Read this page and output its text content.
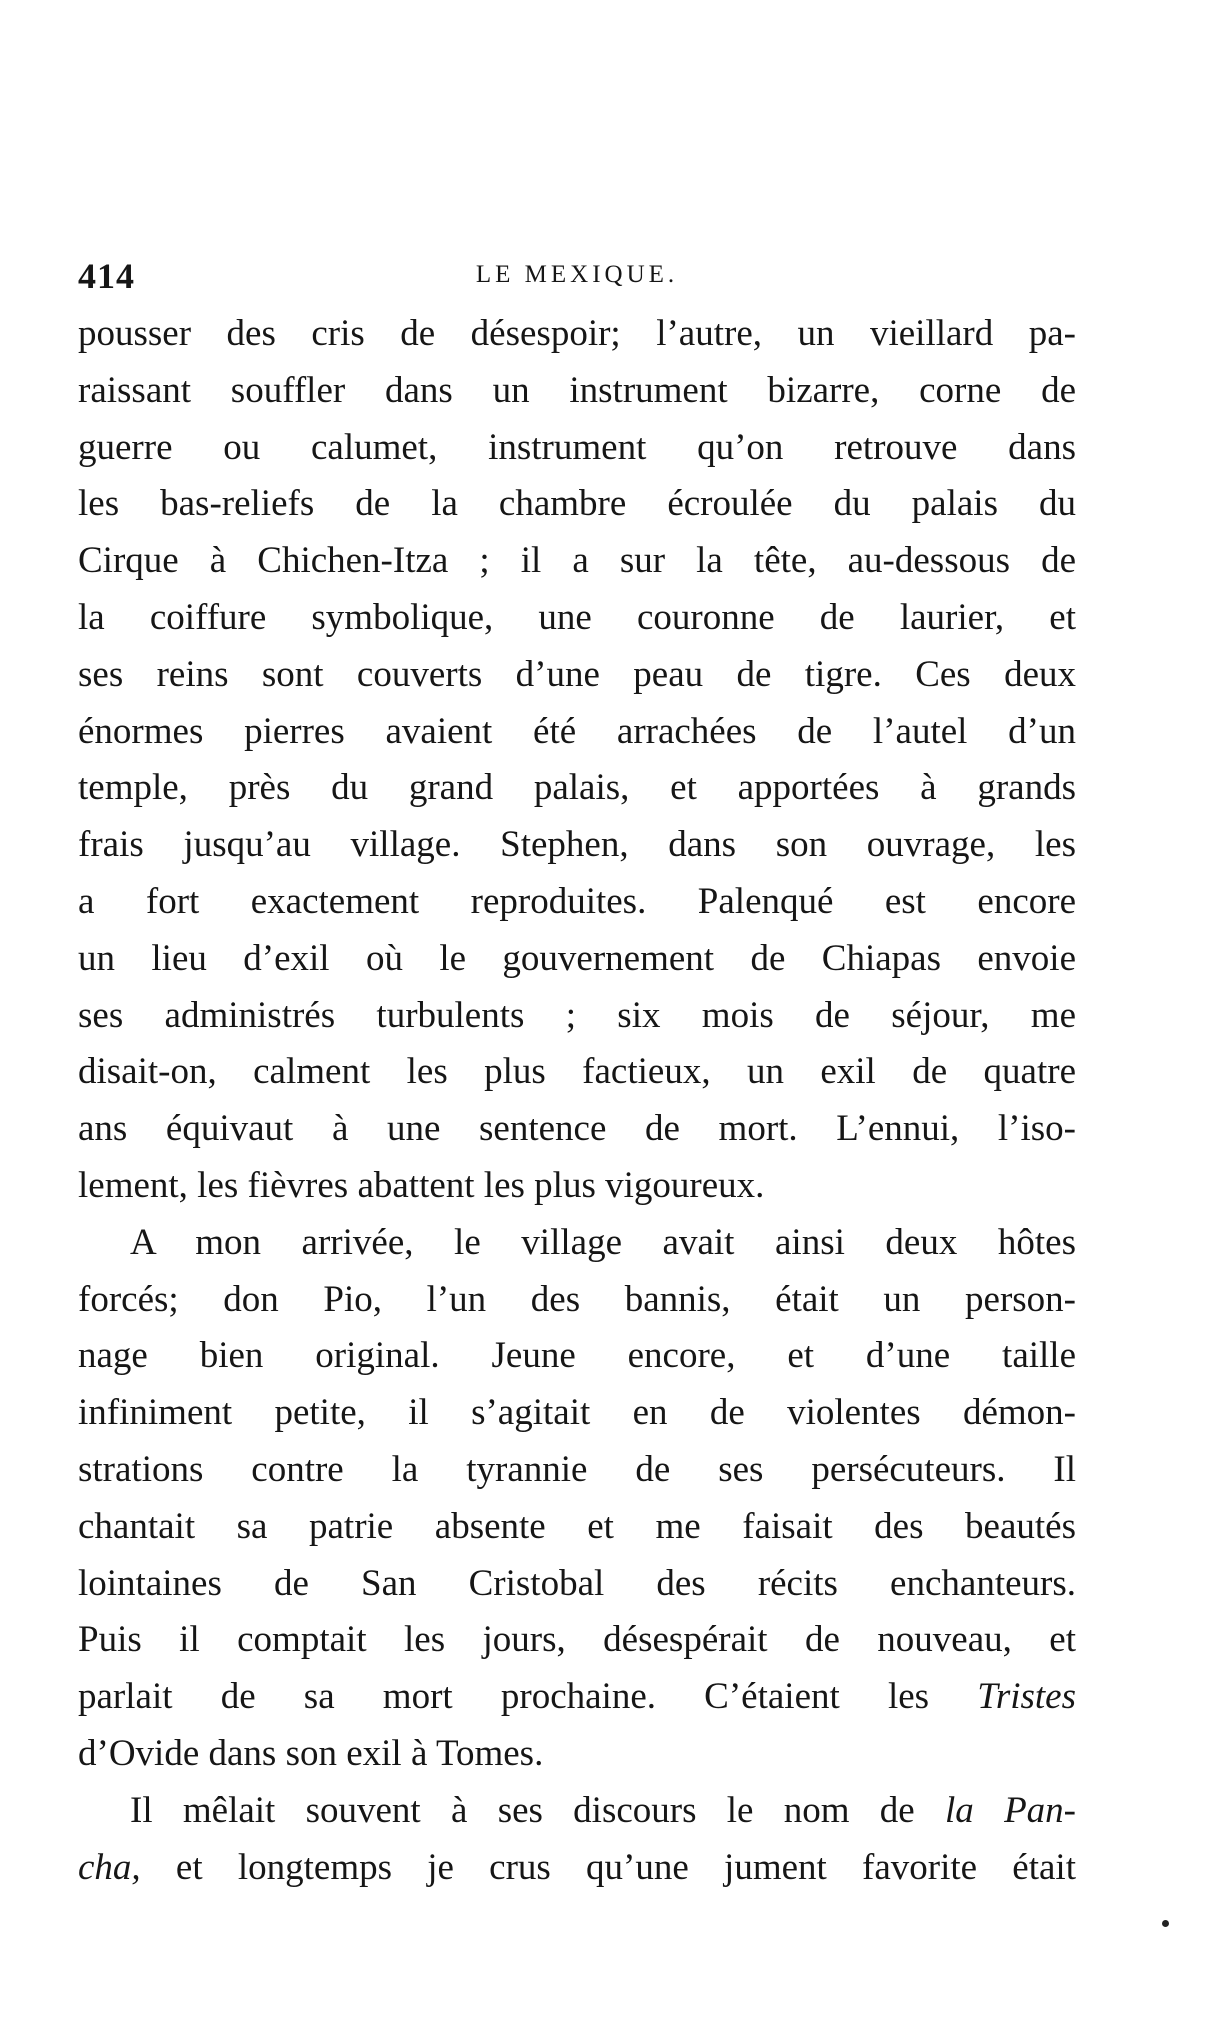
414	LE MEXIQUE.
pousser des cris de désespoir; l’autre, un vieillard pa-
raissant souffler dans un instrument bizarre, corne de
guerre ou calumet, instrument qu’on retrouve dans
les bas-reliefs de la chambre écroulée du palais du
Cirque à Chichen-Itza ; il a sur la tête, au-dessous de
la coiffure symbolique, une couronne de laurier, et
ses reins sont couverts d’une peau de tigre. Ces deux
énormes pierres avaient été arrachées de l’autel d’un
temple, près du grand palais, et apportées à grands
frais jusqu’au village. Stephen, dans son ouvrage, les
a fort exactement reproduites. Palenqué est encore
un lieu d’exil où le gouvernement de Chiapas envoie
ses administrés turbulents ; six mois de séjour, me
disait-on, calment les plus factieux, un exil de quatre
ans équivaut à une sentence de mort. L’ennui, l’iso-
lement, les fièvres abattent les plus vigoureux.
A mon arrivée, le village avait ainsi deux hôtes
forcés; don Pio, l’un des bannis, était un person-
nage bien original. Jeune encore, et d’une taille
infiniment petite, il s’agitait en de violentes démon-
strations contre la tyrannie de ses persécuteurs. Il
chantait sa patrie absente et me faisait des beautés
lointaines de San Cristobal des récits enchanteurs.
Puis il comptait les jours, désespérait de nouveau, et
parlait de sa mort prochaine. C’étaient les Tristes
d’Ovide dans son exil à Tomes.
Il mêlait souvent à ses discours le nom de la Pan-
cha, et longtemps je crus qu’une jument favorite était
